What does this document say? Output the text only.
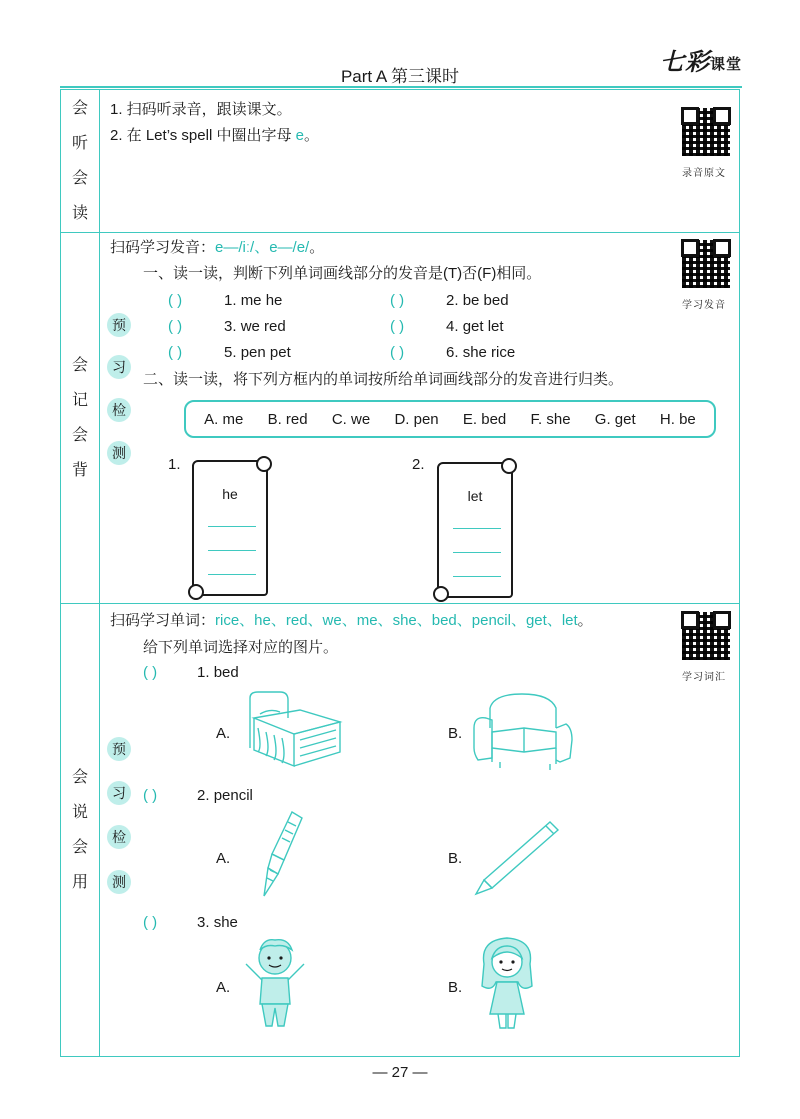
Part A 第三课时
七彩课堂
会
听
会
读
1. 扫码听录音，跟读课文。
2. 在 Let’s spell 中圈出字母 e。
录音原文
会
记
会
背
预
习
检
测
扫码学习发音：e—/iː/、e—/e/。
学习发音
一、读一读，判断下列单词画线部分的发音是(T)否(F)相同。
( )	1. me he	( )	2. be bed
( )	3. we red	( )	4. get let
( )	5. pen pet	( )	6. she rice
二、读一读，将下列方框内的单词按所给单词画线部分的发音进行归类。
A. me B. red C. we D. pen E. bed F. she G. get H. be
1.
he
2.
let
会
说
会
用
预
习
检
测
扫码学习单词：rice、he、red、we、me、she、bed、pencil、get、let。
学习词汇
给下列单词选择对应的图片。
( )	1. bed
A.	B.
( )	2. pencil
A.	B.
( )	3. she
A.	B.
— 27 —
